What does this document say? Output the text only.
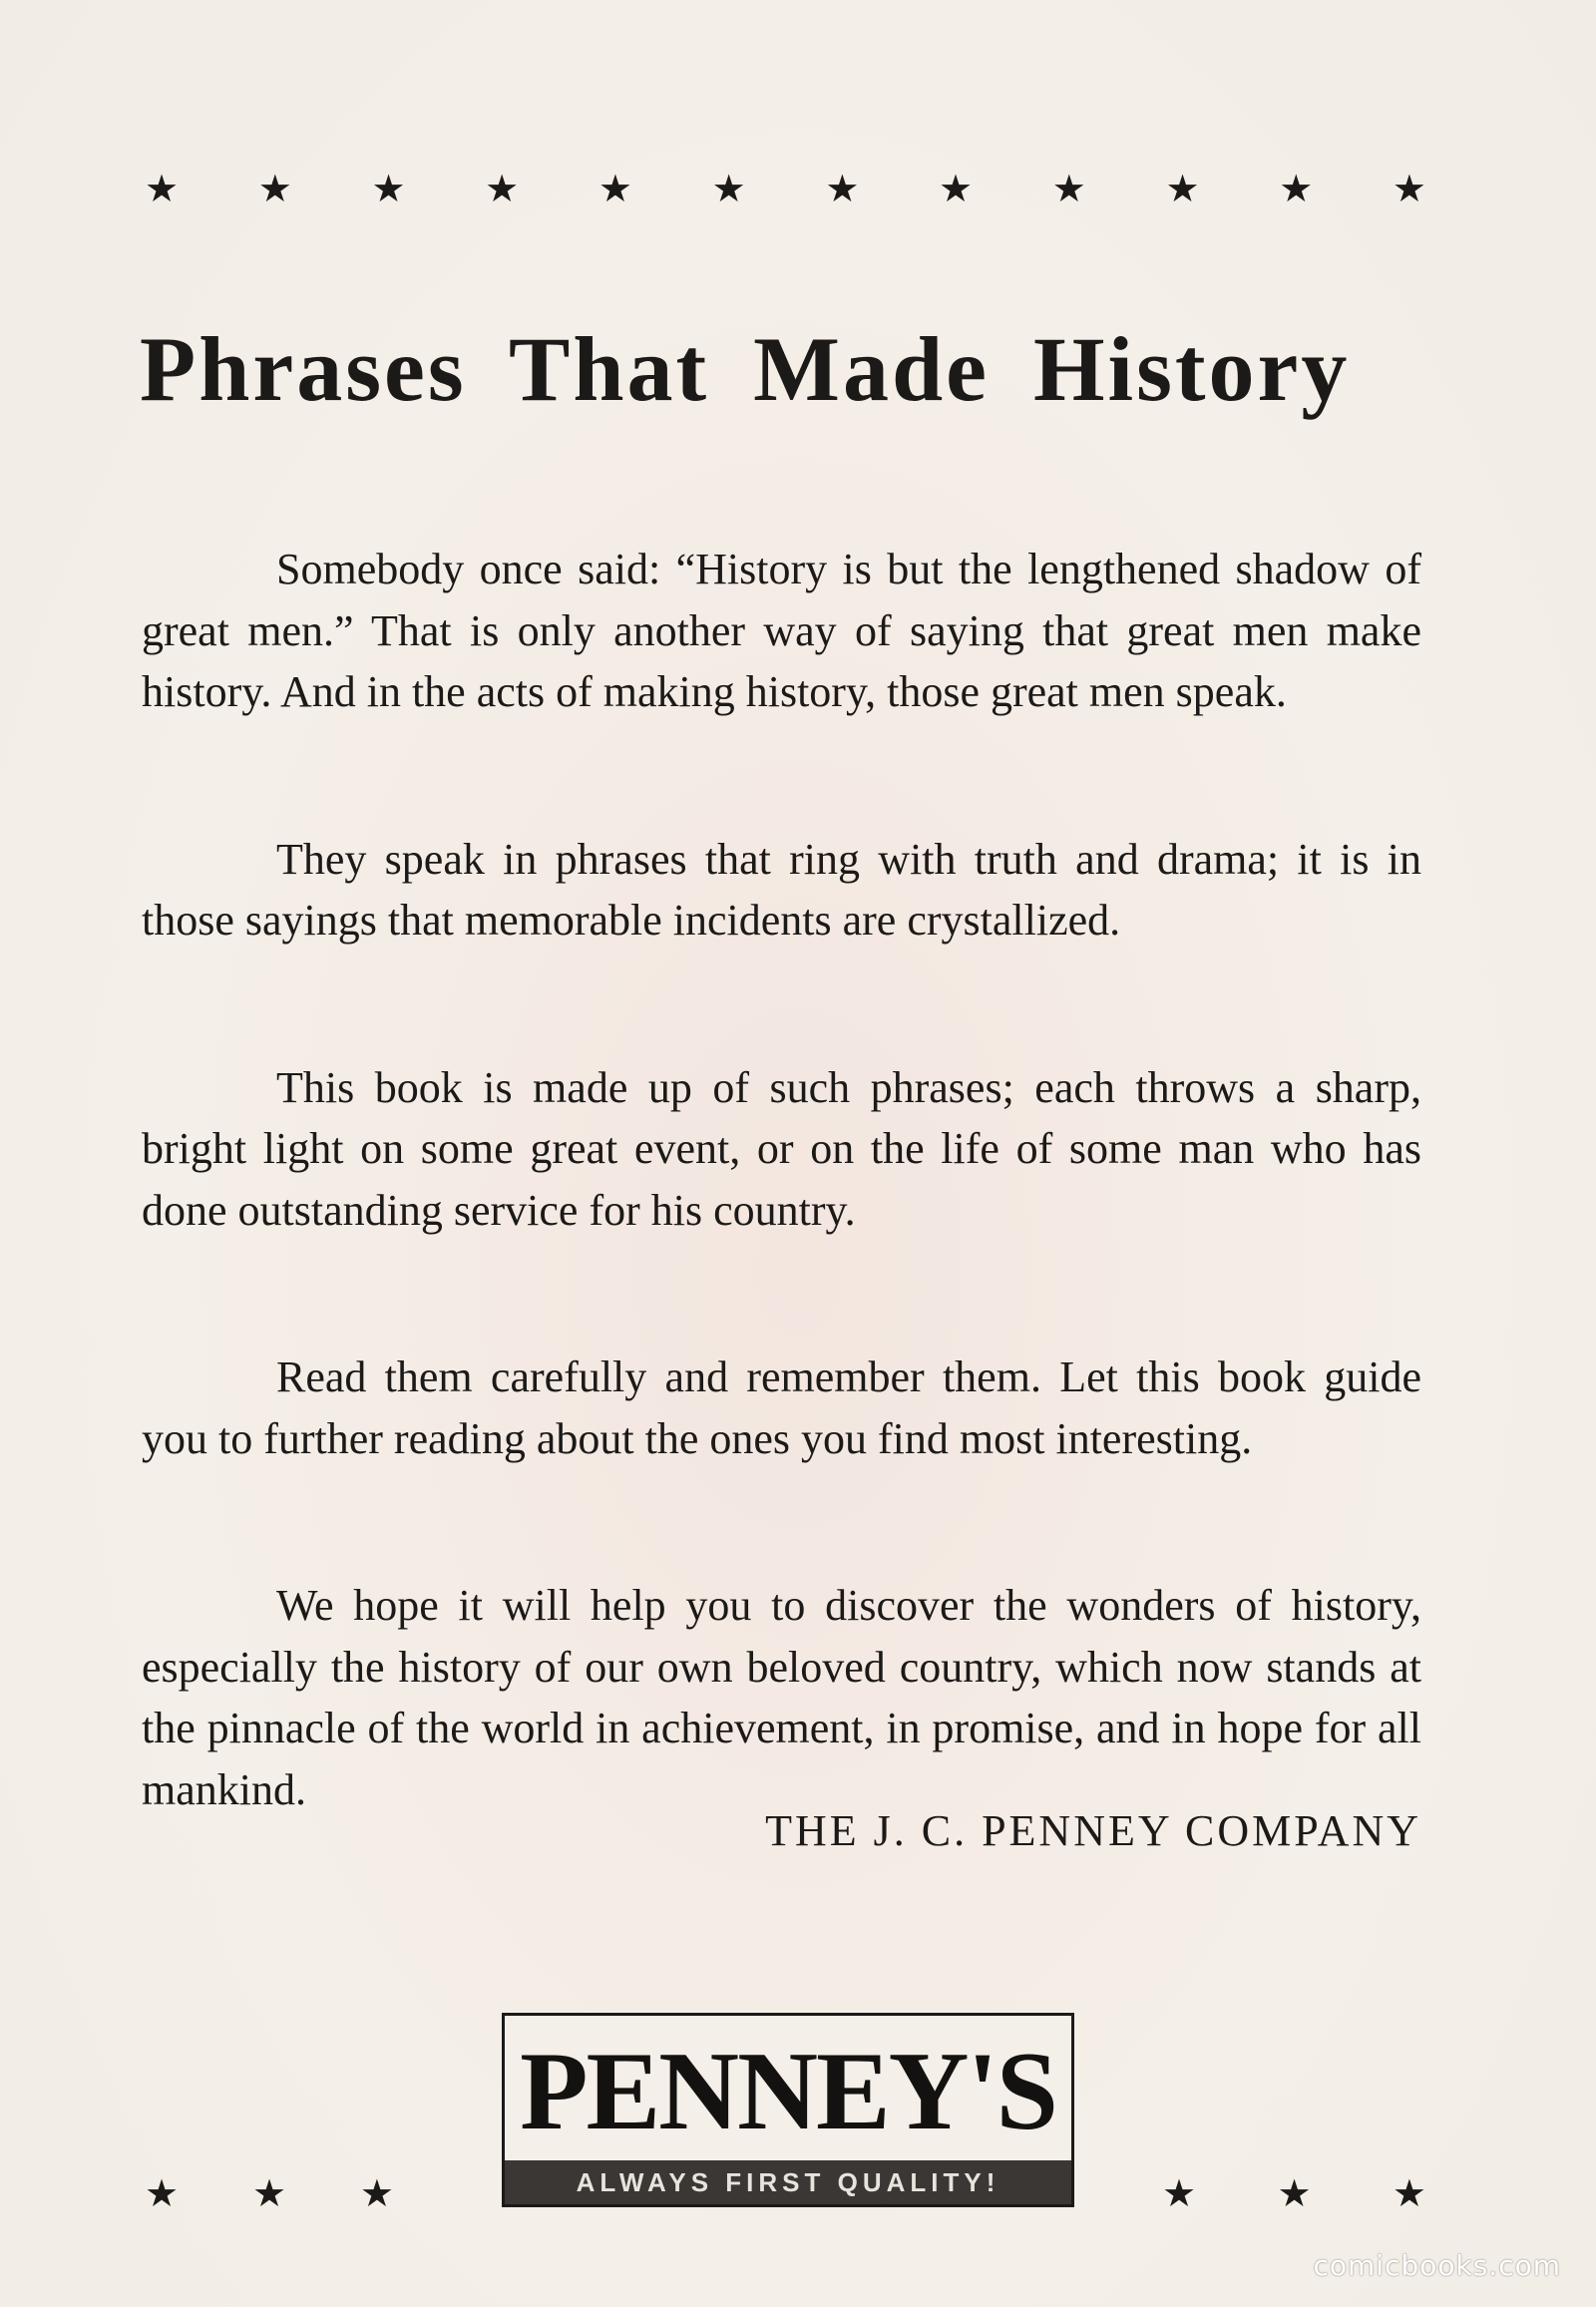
★ ★ ★ ★ ★ ★ ★ ★ ★ ★ ★ ★
Phrases That Made History

Somebody once said: “History is but the lengthened shadow of great men.” That is only another way of saying that great men make history. And in the acts of making history, those great men speak.

They speak in phrases that ring with truth and drama; it is in those sayings that memorable incidents are crystallized.

This book is made up of such phrases; each throws a sharp, bright light on some great event, or on the life of some man who has done outstanding service for his country.

Read them carefully and remember them. Let this book guide you to further reading about the ones you find most interesting.

We hope it will help you to discover the wonders of history, especially the history of our own beloved country, which now stands at the pinnacle of the world in achievement, in promise, and in hope for all mankind.

THE J. C. PENNEY COMPANY
PENNEY'S
ALWAYS FIRST QUALITY!
★ ★ ★	★ ★ ★
comicbooks.com
